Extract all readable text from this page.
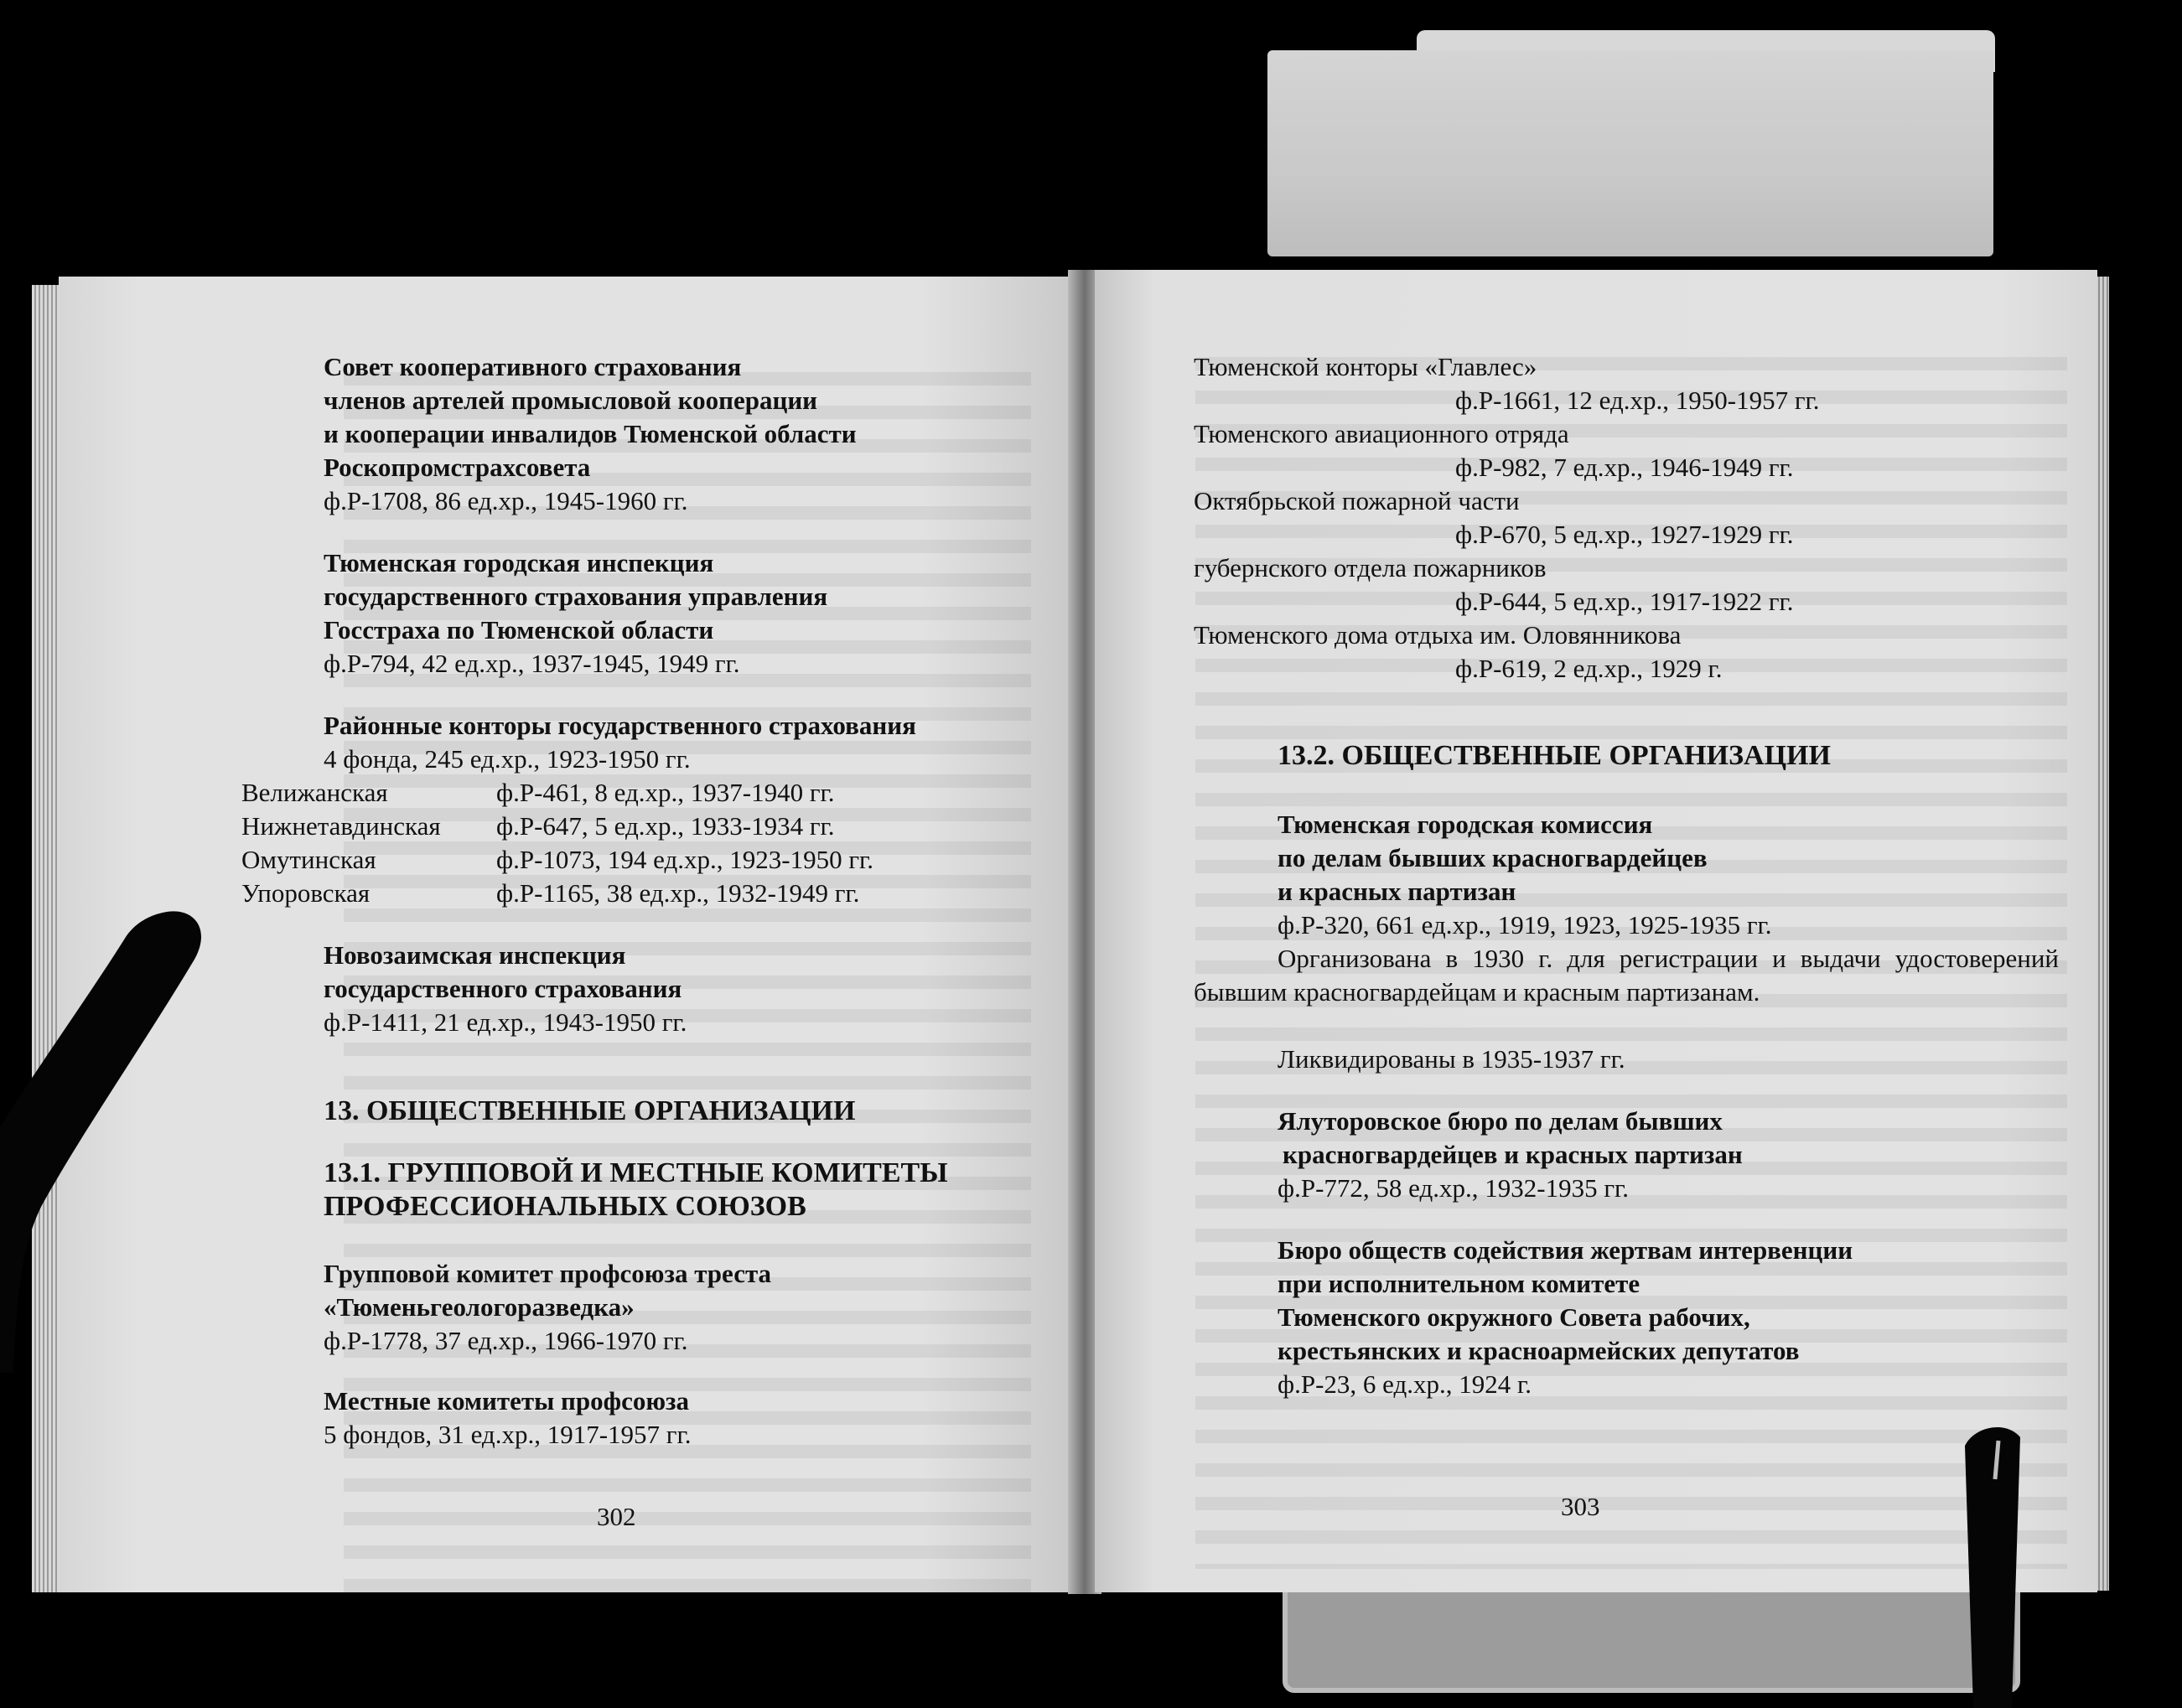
Совет кооперативного страхования
членов артелей промысловой кооперации
и кооперации инвалидов Тюменской области
Роскопромстрахсовета
ф.Р-1708, 86 ед.хр., 1945-1960 гг.
Тюменская городская инспекция
государственного страхования управления
Госстраха по Тюменской области
ф.Р-794, 42 ед.хр., 1937-1945, 1949 гг.
Районные конторы государственного страхования
4 фонда, 245 ед.хр., 1923-1950 гг.
Велижанская	ф.Р-461, 8 ед.хр., 1937-1940 гг.
Нижнетавдинская ф.Р-647, 5 ед.хр., 1933-1934 гг.
Омутинская	ф.Р-1073, 194 ед.хр., 1923-1950 гг.
Упоровская	ф.Р-1165, 38 ед.хр., 1932-1949 гг.
Новозаимская инспекция
государственного страхования
ф.Р-1411, 21 ед.хр., 1943-1950 гг.
13. ОБЩЕСТВЕННЫЕ ОРГАНИЗАЦИИ
13.1. ГРУППОВОЙ И МЕСТНЫЕ КОМИТЕТЫ
ПРОФЕССИОНАЛЬНЫХ СОЮЗОВ
Групповой комитет профсоюза треста
«Тюменьгеологоразведка»
ф.Р-1778, 37 ед.хр., 1966-1970 гг.
Местные комитеты профсоюза
5 фондов, 31 ед.хр., 1917-1957 гг.
302
Тюменской конторы «Главлес»
ф.Р-1661, 12 ед.хр., 1950-1957 гг.
Тюменского авиационного отряда
ф.Р-982, 7 ед.хр., 1946-1949 гг.
Октябрьской пожарной части
ф.Р-670, 5 ед.хр., 1927-1929 гг.
губернского отдела пожарников
ф.Р-644, 5 ед.хр., 1917-1922 гг.
Тюменского дома отдыха им. Оловянникова
ф.Р-619, 2 ед.хр., 1929 г.
13.2. ОБЩЕСТВЕННЫЕ ОРГАНИЗАЦИИ
Тюменская городская комиссия
по делам бывших красногвардейцев
и красных партизан
ф.Р-320, 661 ед.хр., 1919, 1923, 1925-1935 гг.
Организована в 1930 г. для регистрации и выдачи удостоверений бывшим красногвардейцам и красным партизанам.
Ликвидированы в 1935-1937 гг.
Ялуторовское бюро по делам бывших
красногвардейцев и красных партизан
ф.Р-772, 58 ед.хр., 1932-1935 гг.
Бюро обществ содействия жертвам интервенции
при исполнительном комитете
Тюменского окружного Совета рабочих,
крестьянских и красноармейских депутатов
ф.Р-23, 6 ед.хр., 1924 г.
303
